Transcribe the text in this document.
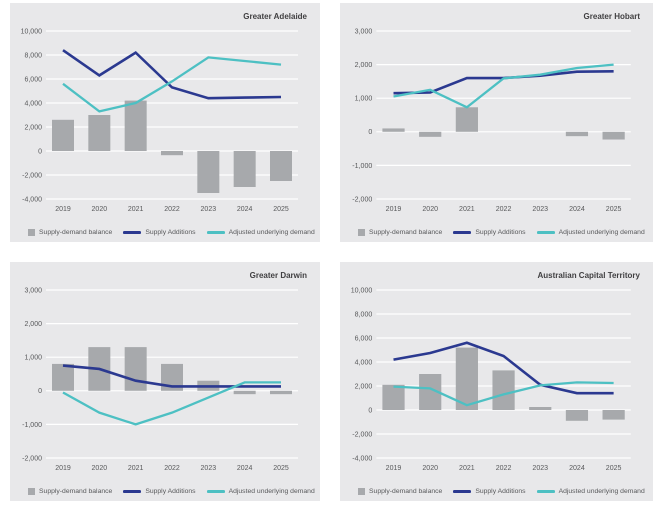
Greater Adelaide
-4,000
-2,000
0
2,000
4,000
6,000
8,000
10,000
2019	2020	2021	2022	2023	2024	2025
Supply-demand balance	Supply Additions	Adjusted underlying demand
Greater Hobart
-2,000
-1,000
0
1,000
2,000
3,000
2019	2020	2021	2022	2023	2024	2025
Supply-demand balance	Supply Additions	Adjusted underlying demand
Greater Darwin
-2,000
-1,000
0
1,000
2,000
3,000
2019	2020	2021	2022	2023	2024	2025
Supply-demand balance	Supply Additions	Adjusted underlying demand
Australian Capital Territory
-4,000
-2,000
0
2,000
4,000
6,000
8,000
10,000
2019	2020	2021	2022	2023	2024	2025
Supply-demand balance	Supply Additions	Adjusted underlying demand
